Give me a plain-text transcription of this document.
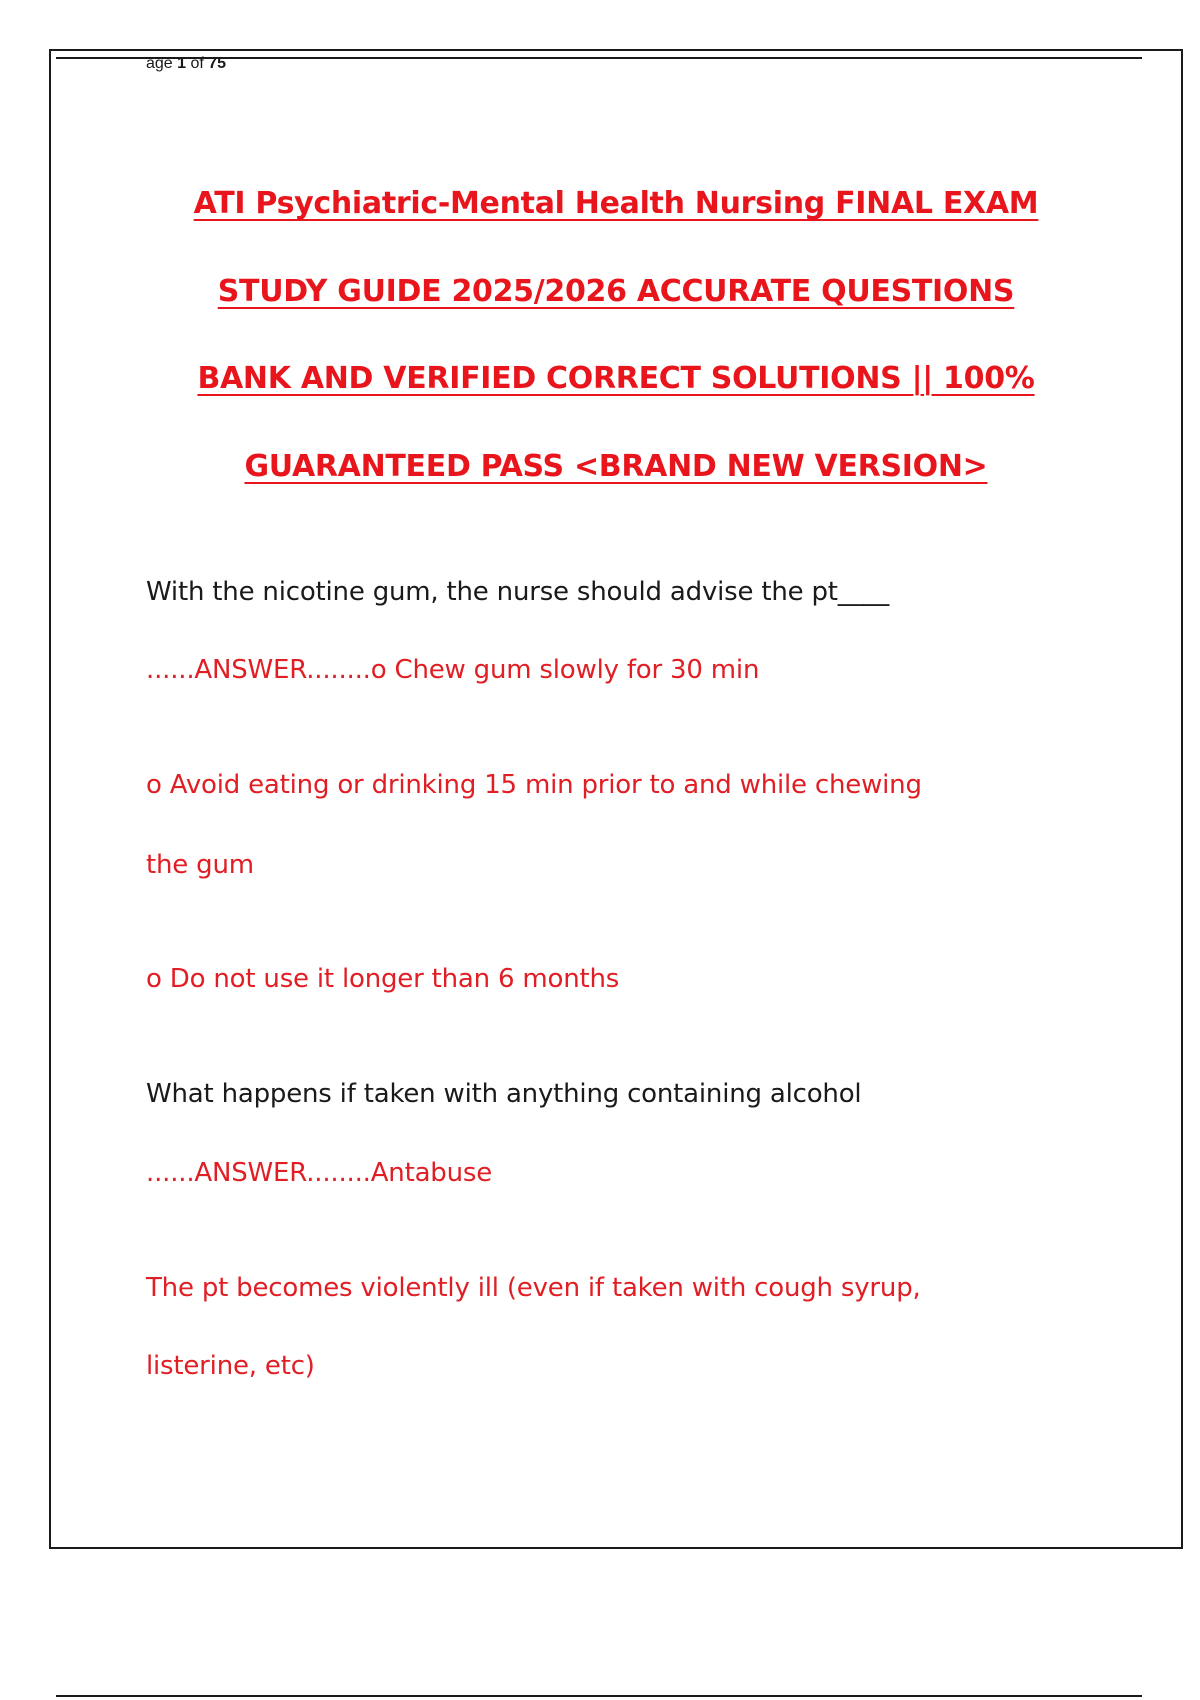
age 1 of 75
ATI Psychiatric-Mental Health Nursing FINAL EXAM
STUDY GUIDE 2025/2026 ACCURATE QUESTIONS
BANK AND VERIFIED CORRECT SOLUTIONS || 100%
GUARANTEED PASS <BRAND NEW VERSION>
With the nicotine gum, the nurse should advise the pt____
......ANSWER........o Chew gum slowly for 30 min
o Avoid eating or drinking 15 min prior to and while chewing
the gum
o Do not use it longer than 6 months
What happens if taken with anything containing alcohol
......ANSWER........Antabuse
The pt becomes violently ill (even if taken with cough syrup,
listerine, etc)
